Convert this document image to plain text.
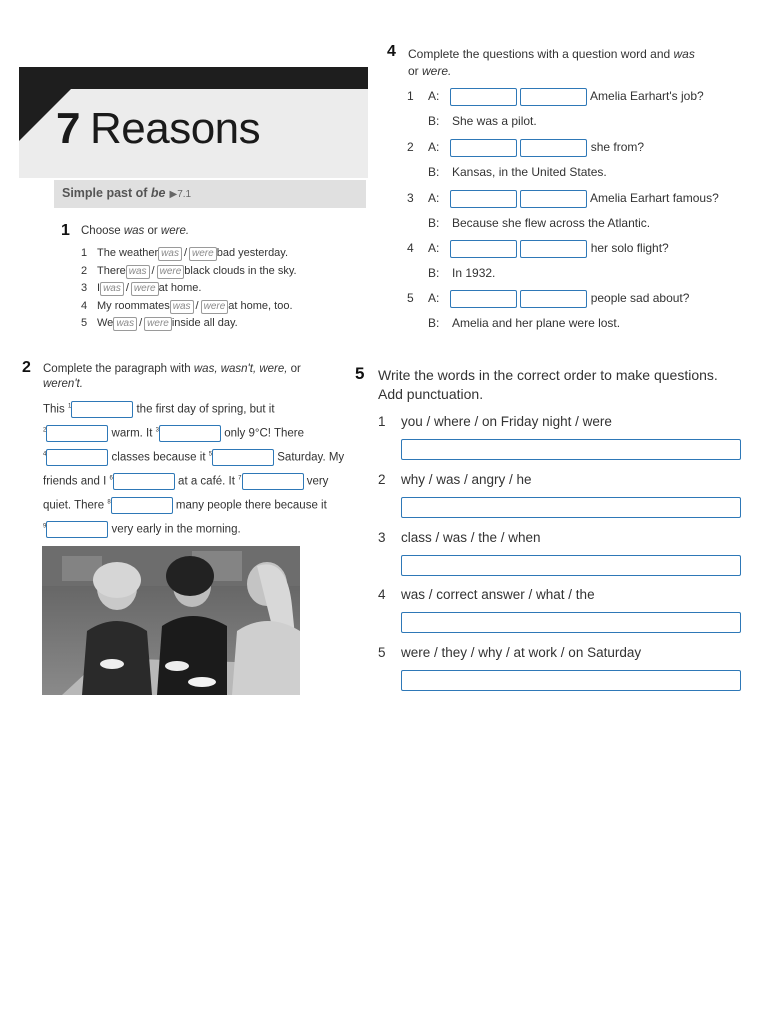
7 Reasons
Simple past of be ▶7.1
1 Choose was or were.
1 The weather was / were bad yesterday.
2 There was / were black clouds in the sky.
3 I was / were at home.
4 My roommates was / were at home, too.
5 We was / were inside all day.
2 Complete the paragraph with was, wasn't, were, or
weren't.
This $^1$	the first day of spring, but it
$^2$	warm. It $^3$	only 9°C! There
$^4$	classes because it $^5$	Saturday. My
friends and I $^6$	at a café. It $^7$	very
quiet. There $^8$	many people there because it
$^9$	very early in the morning.
4 Complete the questions with a question word and was
or were.
1 A:	Amelia Earhart's job?
B: She was a pilot.
2 A:	she from?
B: Kansas, in the United States.
3 A:	Amelia Earhart famous?
B: Because she flew across the Atlantic.
4 A:	her solo flight?
B: In 1932.
5 A:	people sad about?
B: Amelia and her plane were lost.
5 Write the words in the correct order to make questions.
Add punctuation.
1 you / where / on Friday night / were
2 why / was / angry / he
3 class / was / the / when
4 was / correct answer / what / the
5 were / they / why / at work / on Saturday
